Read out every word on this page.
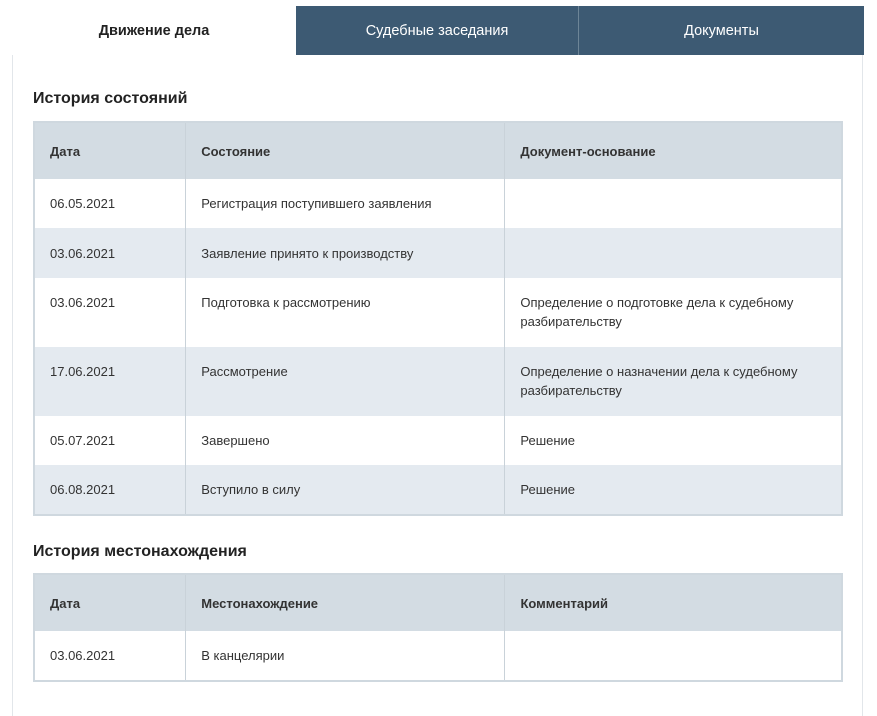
Движение дела	Судебные заседания	Документы
История состояний
Дата	Состояние	Документ-основание
06.05.2021	Регистрация поступившего заявления	
03.06.2021	Заявление принято к производству	
03.06.2021	Подготовка к рассмотрению	Определение о подготовке дела к судебному разбирательству
17.06.2021	Рассмотрение	Определение о назначении дела к судебному разбирательству
05.07.2021	Завершено	Решение
06.08.2021	Вступило в силу	Решение
История местонахождения
Дата	Местонахождение	Комментарий
03.06.2021	В канцелярии	
